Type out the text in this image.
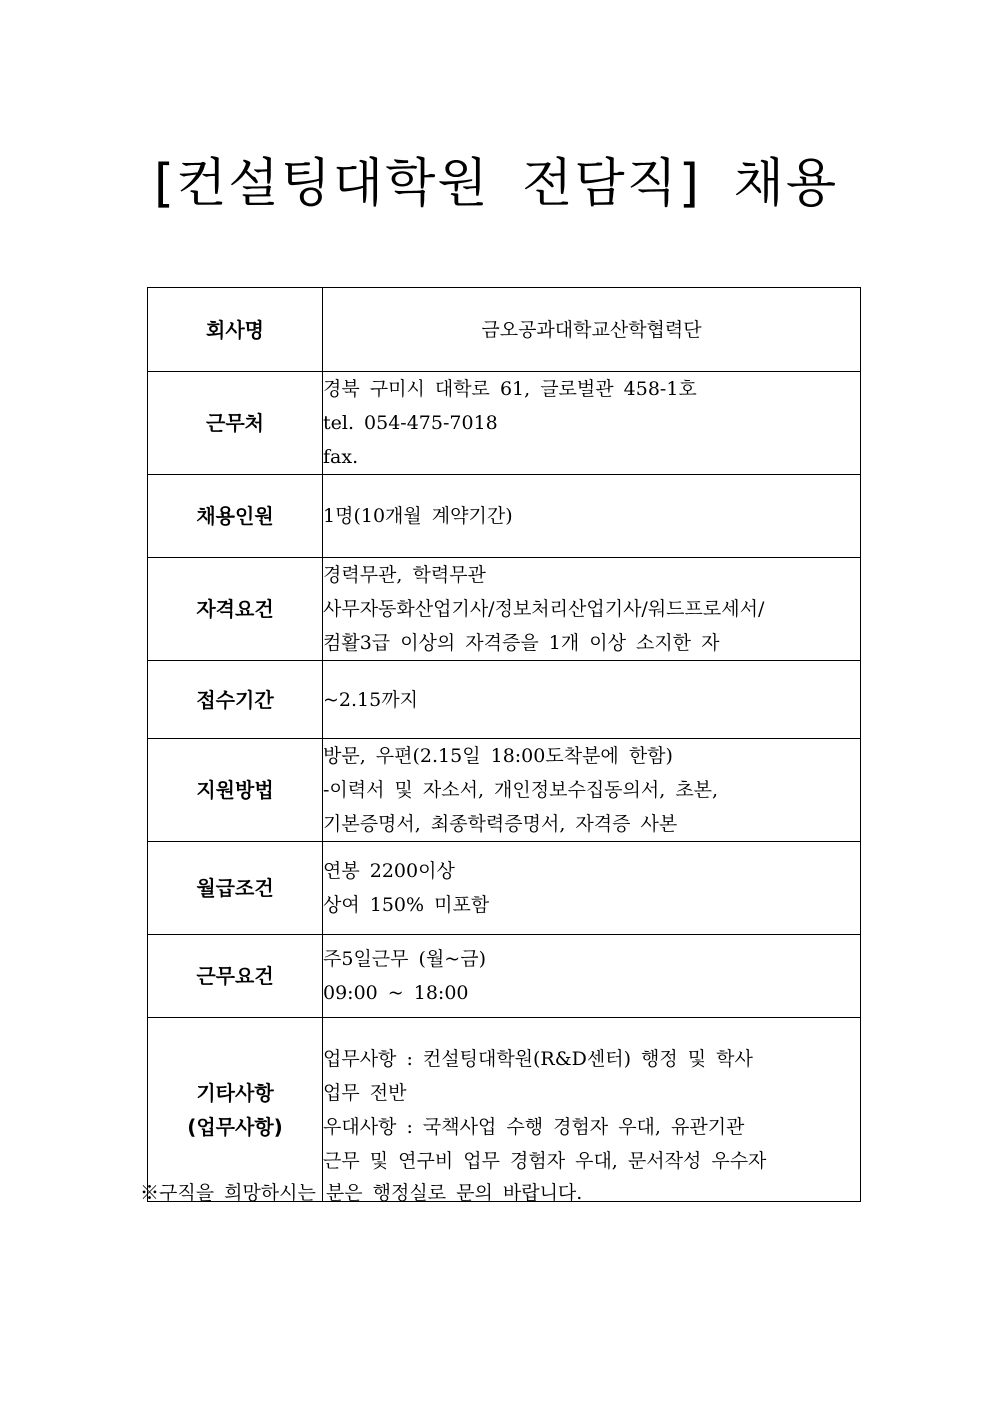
[컨설팅대학원 전담직] 채용
회사명	금오공과대학교산학협력단

근무처	경북 구미시 대학로 61, 글로벌관 458-1호
tel. 054-475-7018
fax.

채용인원	1명(10개월 계약기간)

자격요건	경력무관, 학력무관
사무자동화산업기사/정보처리산업기사/워드프로세서/
컴활3급 이상의 자격증을 1개 이상 소지한 자

접수기간	~2.15까지

지원방법	방문, 우편(2.15일 18:00도착분에 한함)
-이력서 및 자소서, 개인정보수집동의서, 초본,
기본증명서, 최종학력증명서, 자격증 사본

월급조건	연봉 2200이상
상여 150% 미포함

근무요건	주5일근무 (월~금)
09:00 ~ 18:00

기타사항
(업무사항)	업무사항 : 컨설팅대학원(R&D센터) 행정 및 학사
업무 전반
우대사항 : 국책사업 수행 경험자 우대, 유관기관
근무 및 연구비 업무 경험자 우대, 문서작성 우수자
※구직을 희망하시는 분은 행정실로 문의 바랍니다.
